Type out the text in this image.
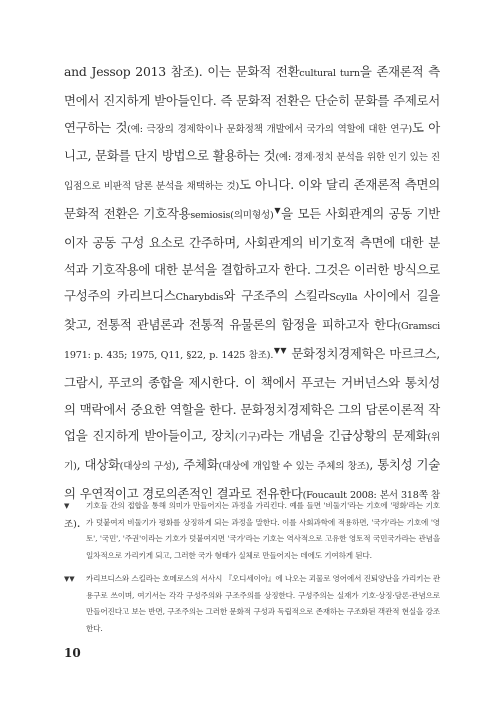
and Jessop 2013 참조). 이는 문화적 전환cultural turn을 존재론적 측면에서 진지하게 받아들인다. 즉 문화적 전환은 단순히 문화를 주제로서 연구하는 것(예: 극장의 경제학이나 문화정책 개발에서 국가의 역할에 대한 연구)도 아니고, 문화를 단지 방법으로 활용하는 것(예: 경제·정치 분석을 위한 인기 있는 진입점으로 비판적 담론 분석을 채택하는 것)도 아니다. 이와 달리 존재론적 측면의 문화적 전환은 기호작용semiosis(의미형성)▼을 모든 사회관계의 공동 기반이자 공동 구성 요소로 간주하며, 사회관계의 비기호적 측면에 대한 분석과 기호작용에 대한 분석을 결합하고자 한다. 그것은 이러한 방식으로 구성주의 카리브디스Charybdis와 구조주의 스킬라Scylla 사이에서 길을 찾고, 전통적 관념론과 전통적 유물론의 함정을 피하고자 한다(Gramsci 1971: p. 435; 1975, Q11, §22, p. 1425 참조).▼▼ 문화정치경제학은 마르크스, 그람시, 푸코의 종합을 제시한다. 이 책에서 푸코는 거버넌스와 통치성의 맥락에서 중요한 역할을 한다. 문화정치경제학은 그의 담론이론적 작업을 진지하게 받아들이고, 장치(기구)라는 개념을 긴급상황의 문제화(위기), 대상화(대상의 구성), 주체화(대상에 개입할 수 있는 주체의 창조), 통치성 기술의 우연적이고 경로의존적인 결과로 전유한다(Foucault 2008: 본서 318쪽 참조).

▼ 기호들 간의 접합을 통해 의미가 만들어지는 과정을 가리킨다. 예를 들면 '비둘기'라는 기호에 '평화'라는 기호가 덧붙여져 비둘기가 평화를 상징하게 되는 과정을 말한다. 이를 사회과학에 적용하면, '국가'라는 기호에 '영토', '국민', '주권'이라는 기호가 덧붙여지면 '국가'라는 기호는 역사적으로 고유한 영토적 국민국가라는 관념을 일차적으로 가리키게 되고, 그러한 국가 형태가 실체로 만들어지는 데에도 기여하게 된다.
▼▼ 카리브디스와 스킬라는 호메로스의 서사시 『오디세이아』에 나오는 괴물로 영어에서 진퇴양난을 가리키는 관용구로 쓰이며, 여기서는 각각 구성주의와 구조주의를 상징한다. 구성주의는 실재가 기호·상징·담론·관념으로 만들어진다고 보는 반면, 구조주의는 그러한 문화적 구성과 독립적으로 존재하는 구조화된 객관적 현실을 강조한다.
10
